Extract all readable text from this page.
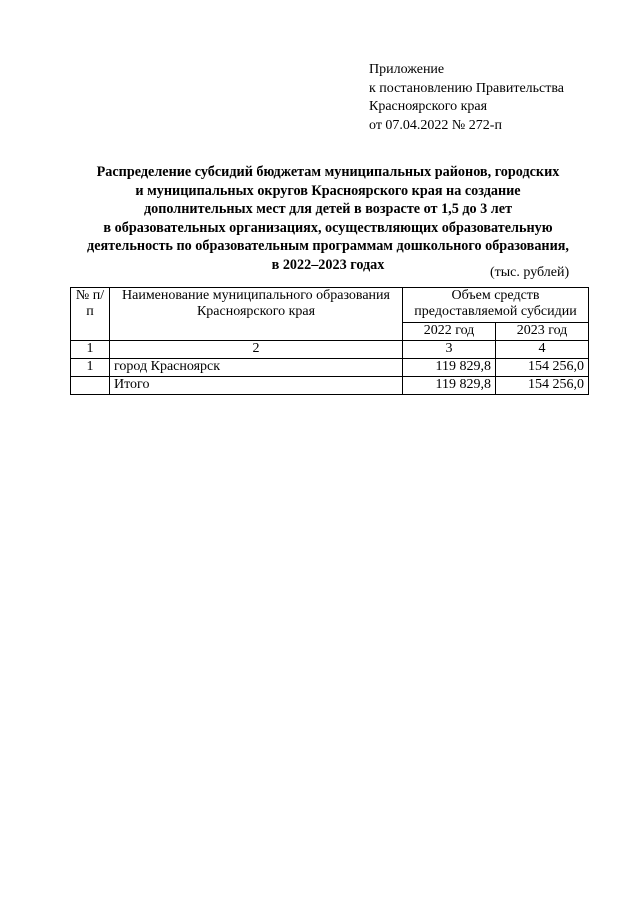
Приложение
к постановлению Правительства
Красноярского края
от 07.04.2022 № 272-п
Распределение субсидий бюджетам муниципальных районов, городских
и муниципальных округов Красноярского края на создание
дополнительных мест для детей в возрасте от 1,5 до 3 лет
в образовательных организациях, осуществляющих образовательную
деятельность по образовательным программам дошкольного образования,
в 2022–2023 годах	(тыс. рублей)
№ п/п	Наименование муниципального образования Красноярского края	Объем средств предоставляемой субсидии	
		2022 год	2023 год
1	2	3	4
1	город Красноярск	119 829,8	154 256,0
	Итого	119 829,8	154 256,0
